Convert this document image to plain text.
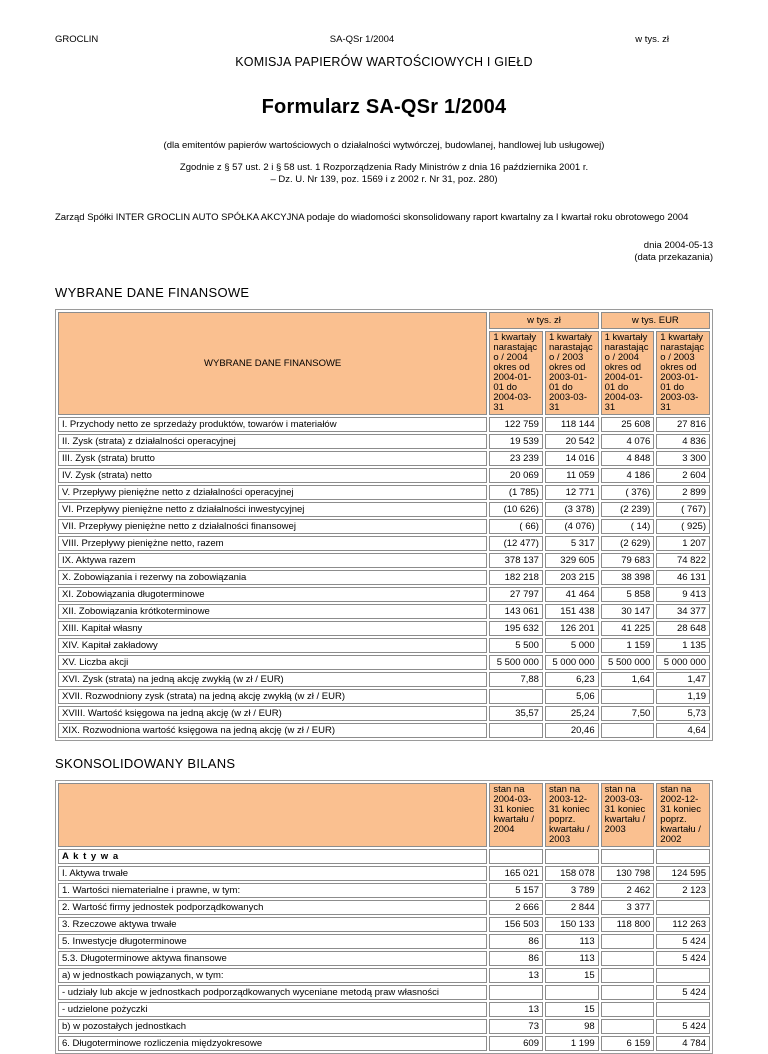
GROCLIN	SA-QSr 1/2004	w tys. zł
KOMISJA PAPIERÓW WARTOŚCIOWYCH I GIEŁD
Formularz SA-QSr 1/2004
(dla emitentów papierów wartościowych o działalności wytwórczej, budowlanej, handlowej lub usługowej)
Zgodnie z § 57 ust. 2 i § 58 ust. 1 Rozporządzenia Rady Ministrów z dnia 16 października 2001 r.
– Dz. U. Nr 139, poz. 1569 i z 2002 r. Nr 31, poz. 280)
Zarząd Spółki INTER GROCLIN AUTO SPÓŁKA AKCYJNA podaje do wiadomości skonsolidowany raport kwartalny za I kwartał roku obrotowego 2004
dnia 2004-05-13
(data przekazania)
WYBRANE DANE FINANSOWE
WYBRANE DANE FINANSOWE	w tys. zł		w tys. EUR	
	1 kwartały narastająco / 2004 okres od 2004-01-01 do 2004-03-31	1 kwartały narastająco / 2003 okres od 2003-01-01 do 2003-03-31	1 kwartały narastająco / 2004 okres od 2004-01-01 do 2004-03-31	1 kwartały narastająco / 2003 okres od 2003-01-01 do 2003-03-31
I. Przychody netto ze sprzedaży produktów, towarów i materiałów	122 759	118 144	25 608	27 816
II. Zysk (strata) z działalności operacyjnej	19 539	20 542	4 076	4 836
III. Zysk (strata) brutto	23 239	14 016	4 848	3 300
IV. Zysk (strata) netto	20 069	11 059	4 186	2 604
V. Przepływy pieniężne netto z działalności operacyjnej	(1 785)	12 771	( 376)	2 899
VI. Przepływy pieniężne netto z działalności inwestycyjnej	(10 626)	(3 378)	(2 239)	( 767)
VII. Przepływy pieniężne netto z działalności finansowej	( 66)	(4 076)	( 14)	( 925)
VIII. Przepływy pieniężne netto, razem	(12 477)	5 317	(2 629)	1 207
IX. Aktywa razem	378 137	329 605	79 683	74 822
X. Zobowiązania i rezerwy na zobowiązania	182 218	203 215	38 398	46 131
XI. Zobowiązania długoterminowe	27 797	41 464	5 858	9 413
XII. Zobowiązania krótkoterminowe	143 061	151 438	30 147	34 377
XIII. Kapitał własny	195 632	126 201	41 225	28 648
XIV. Kapitał zakładowy	5 500	5 000	1 159	1 135
XV. Liczba akcji	5 500 000	5 000 000	5 500 000	5 000 000
XVI. Zysk (strata) na jedną akcję zwykłą (w zł / EUR)	7,88	6,23	1,64	1,47
XVII. Rozwodniony zysk (strata) na jedną akcję zwykłą (w zł / EUR)		5,06		1,19
XVIII. Wartość księgowa na jedną akcję (w zł / EUR)	35,57	25,24	7,50	5,73
XIX. Rozwodniona wartość księgowa na jedną akcję (w zł / EUR)		20,46		4,64
SKONSOLIDOWANY BILANS
	stan na 2004-03-31 koniec kwartału / 2004	stan na 2003-12-31 koniec poprz. kwartału / 2003	stan na 2003-03-31 koniec kwartału / 2003	stan na 2002-12-31 koniec poprz. kwartału / 2002
A k t y w a				
I. Aktywa trwałe	165 021	158 078	130 798	124 595
1. Wartości niematerialne i prawne, w tym:	5 157	3 789	2 462	2 123
2. Wartość firmy jednostek podporządkowanych	2 666	2 844	3 377	
3. Rzeczowe aktywa trwałe	156 503	150 133	118 800	112 263
5. Inwestycje długoterminowe	86	113		5 424
5.3. Długoterminowe aktywa finansowe	86	113		5 424
a) w jednostkach powiązanych, w tym:	13	15		
- udziały lub akcje w jednostkach podporządkowanych wyceniane metodą praw własności				5 424
- udzielone pożyczki	13	15		
b) w pozostałych jednostkach	73	98		5 424
6. Długoterminowe rozliczenia międzyokresowe	609	1 199	6 159	4 784
